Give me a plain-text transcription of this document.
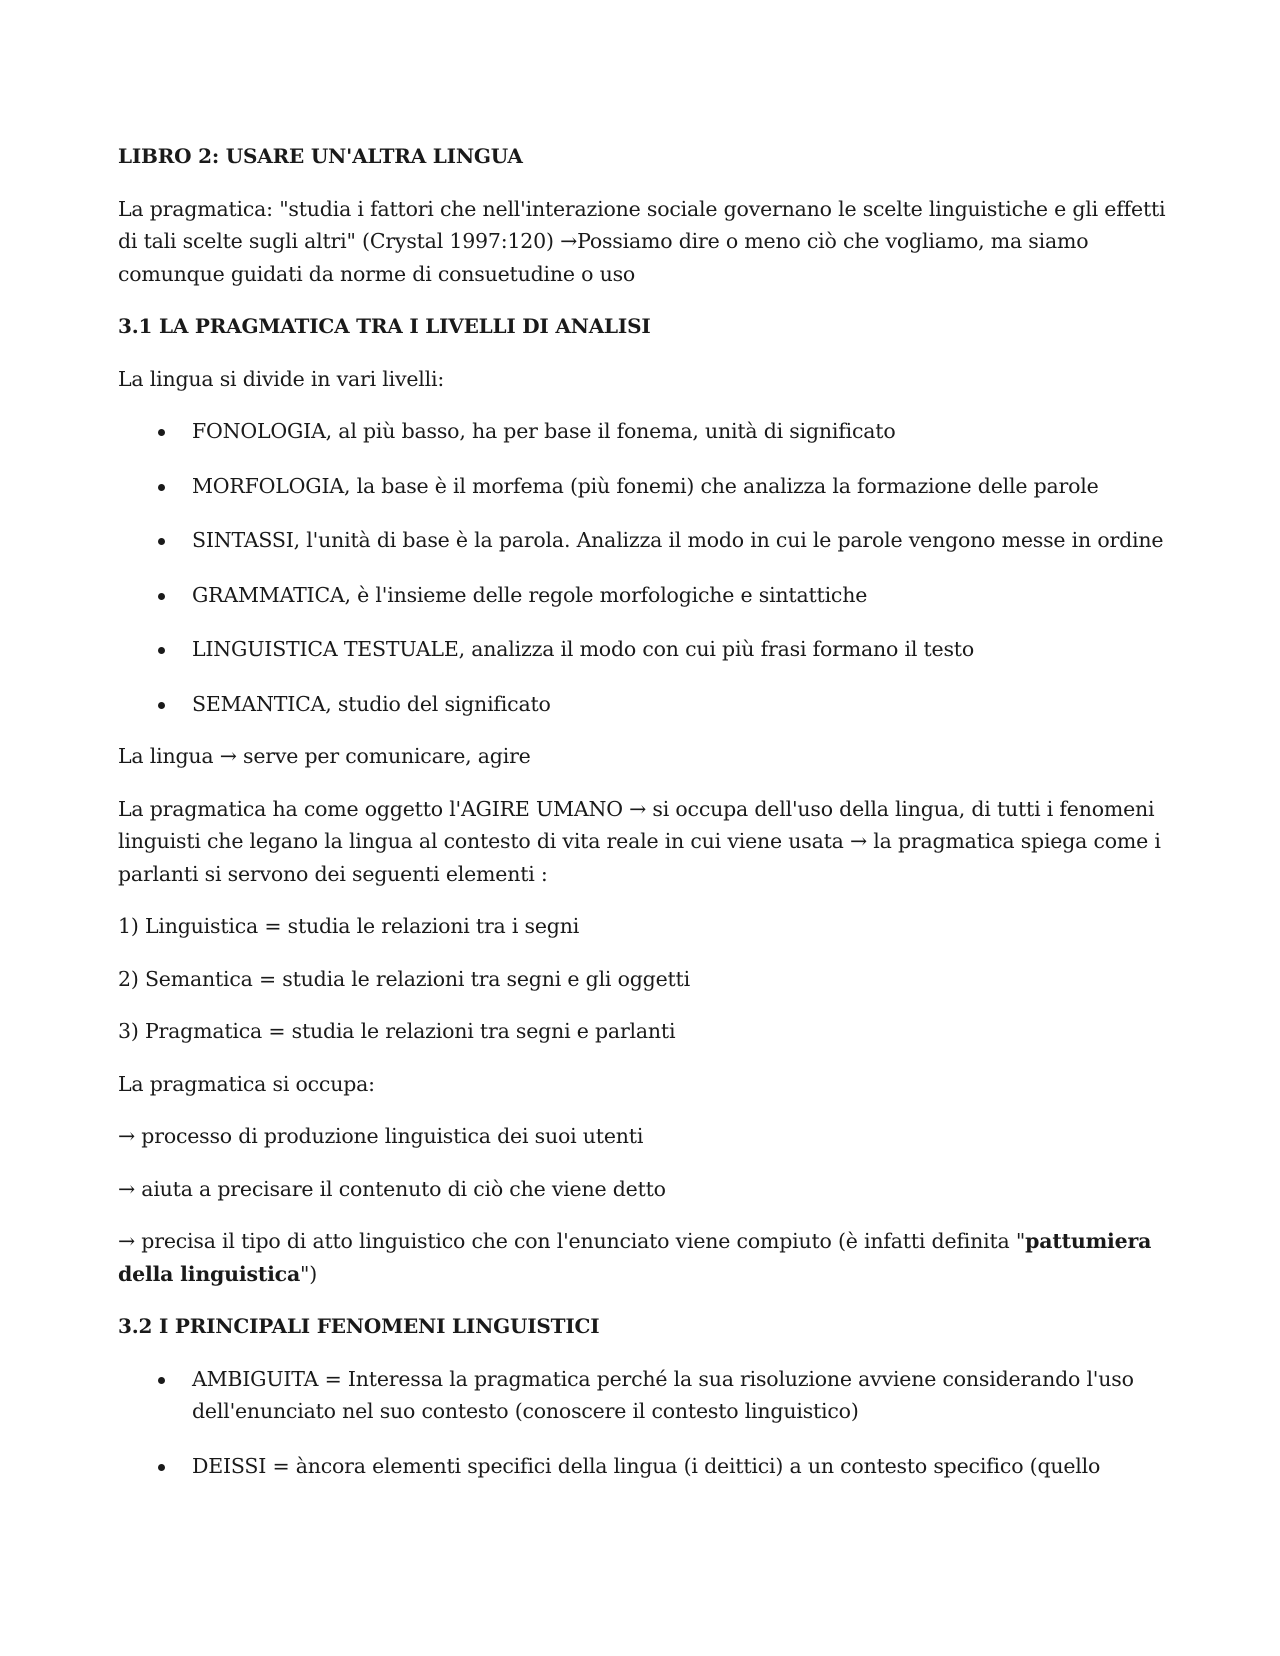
LIBRO 2: USARE UN'ALTRA LINGUA

La pragmatica: "studia i fattori che nell'interazione sociale governano le scelte linguistiche e gli effetti di tali scelte sugli altri" (Crystal 1997:120) →Possiamo dire o meno ciò che vogliamo, ma siamo comunque guidati da norme di consuetudine o uso

3.1 LA PRAGMATICA TRA I LIVELLI DI ANALISI

La lingua si divide in vari livelli:

FONOLOGIA, al più basso, ha per base il fonema, unità di significato
MORFOLOGIA, la base è il morfema (più fonemi) che analizza la formazione delle parole
SINTASSI, l'unità di base è la parola. Analizza il modo in cui le parole vengono messe in ordine
GRAMMATICA, è l'insieme delle regole morfologiche e sintattiche
LINGUISTICA TESTUALE, analizza il modo con cui più frasi formano il testo
SEMANTICA, studio del significato

La lingua → serve per comunicare, agire

La pragmatica ha come oggetto l'AGIRE UMANO → si occupa dell'uso della lingua, di tutti i fenomeni linguisti che legano la lingua al contesto di vita reale in cui viene usata → la pragmatica spiega come i parlanti si servono dei seguenti elementi :

1) Linguistica = studia le relazioni tra i segni

2) Semantica = studia le relazioni tra segni e gli oggetti

3) Pragmatica = studia le relazioni tra segni e parlanti

La pragmatica si occupa:

→ processo di produzione linguistica dei suoi utenti

→ aiuta a precisare il contenuto di ciò che viene detto

→ precisa il tipo di atto linguistico che con l'enunciato viene compiuto (è infatti definita "pattumiera della linguistica")

3.2 I PRINCIPALI FENOMENI LINGUISTICI

AMBIGUITA = Interessa la pragmatica perché la sua risoluzione avviene considerando l'uso dell'enunciato nel suo contesto (conoscere il contesto linguistico)
DEISSI = àncora elementi specifici della lingua (i deittici) a un contesto specifico (quello
